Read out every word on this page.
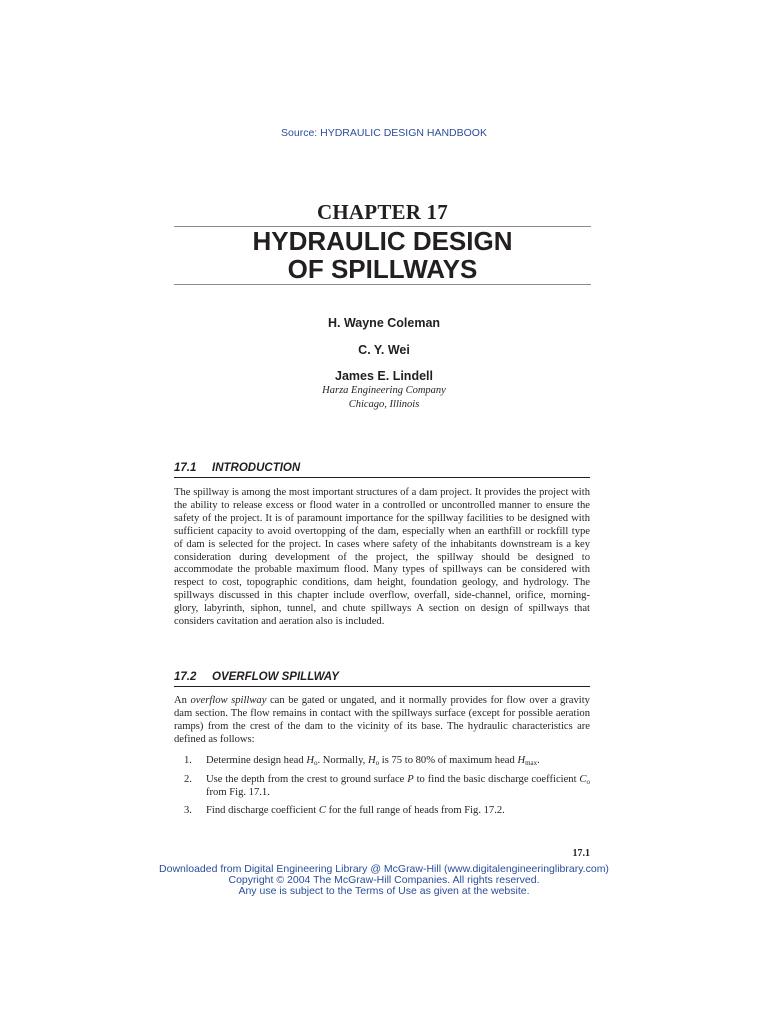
Source: HYDRAULIC DESIGN HANDBOOK
CHAPTER 17
HYDRAULIC DESIGN
OF SPILLWAYS
H. Wayne Coleman
C. Y. Wei
James E. Lindell
Harza Engineering Company
Chicago, Illinois
17.1 INTRODUCTION

The spillway is among the most important structures of a dam project. It provides the project with the ability to release excess or flood water in a controlled or uncontrolled manner to ensure the safety of the project. It is of paramount importance for the spillway facilities to be designed with sufficient capacity to avoid overtopping of the dam, especially when an earthfill or rockfill type of dam is selected for the project. In cases where safety of the inhabitants downstream is a key consideration during development of the project, the spillway should be designed to accommodate the probable maximum flood. Many types of spillways can be considered with respect to cost, topographic conditions, dam height, foundation geology, and hydrology. The spillways discussed in this chapter include overflow, overfall, side-channel, orifice, morning-glory, labyrinth, siphon, tunnel, and chute spillways A section on design of spillways that considers cavitation and aeration also is included.

17.2 OVERFLOW SPILLWAY

An overflow spillway can be gated or ungated, and it normally provides for flow over a gravity dam section. The flow remains in contact with the spillways surface (except for possible aeration ramps) from the crest of the dam to the vicinity of its base. The hydraulic characteristics are defined as follows:

1. Determine design head $H_o$. Normally, $H_o$ is 75 to 80% of maximum head $H_{max}$.
2. Use the depth from the crest to ground surface P to find the basic discharge coefficient $C_o$ from Fig. 17.1.
3. Find discharge coefficient C for the full range of heads from Fig. 17.2.
17.1
Downloaded from Digital Engineering Library @ McGraw-Hill (www.digitalengineeringlibrary.com)
Copyright © 2004 The McGraw-Hill Companies. All rights reserved.
Any use is subject to the Terms of Use as given at the website.
